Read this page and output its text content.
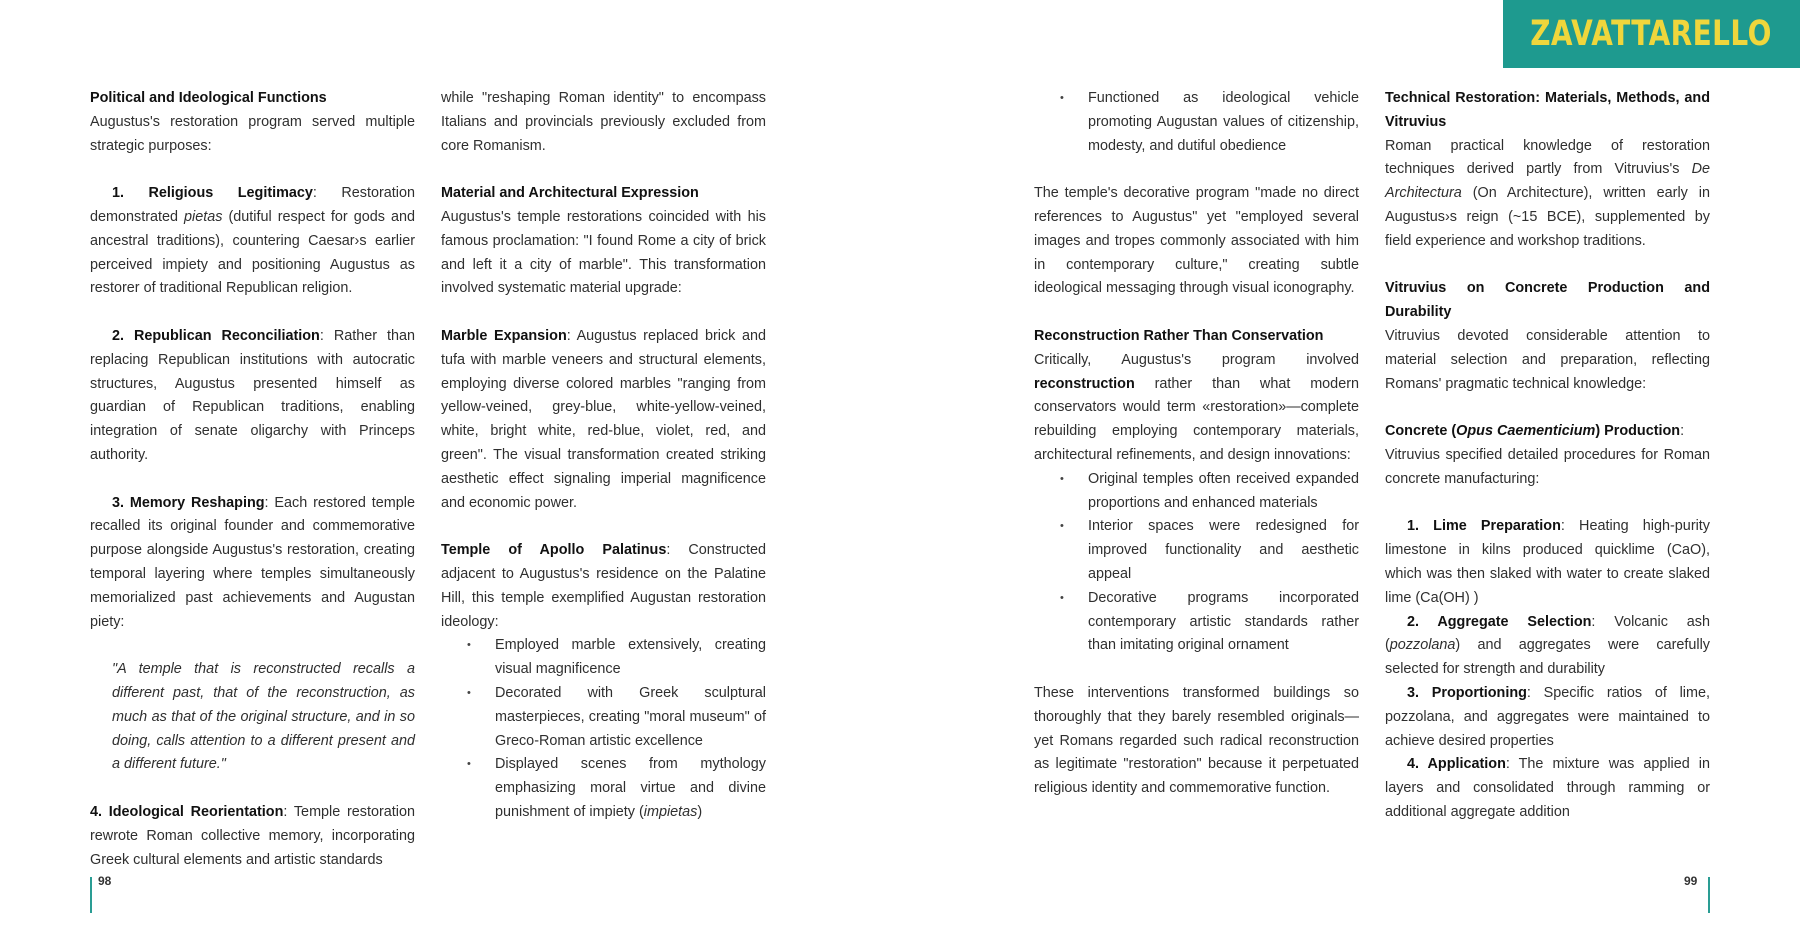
ZAVATTARELLO

Political and Ideological Functions

Augustus's restoration program served multiple strategic purposes:

1. Religious Legitimacy: Restoration demonstrated pietas (dutiful respect for gods and ancestral traditions), countering Caesar›s earlier perceived impiety and positioning Augustus as restorer of traditional Republican religion.

2. Republican Reconciliation: Rather than replacing Republican institutions with autocratic structures, Augustus presented himself as guardian of Republican traditions, enabling integration of senate oligarchy with Princeps authority.

3. Memory Reshaping: Each restored temple recalled its original founder and commemorative purpose alongside Augustus's restoration, creating temporal layering where temples simultaneously memorialized past achievements and Augustan piety:

"A temple that is reconstructed recalls a different past, that of the reconstruction, as much as that of the original structure, and in so doing, calls attention to a different present and a different future."

4. Ideological Reorientation: Temple restoration rewrote Roman collective memory, incorporating Greek cultural elements and artistic standards

while "reshaping Roman identity" to encompass Italians and provincials previously excluded from core Romanism.

Material and Architectural Expression

Augustus's temple restorations coincided with his famous proclamation: "I found Rome a city of brick and left it a city of marble". This transformation involved systematic material upgrade:

Marble Expansion: Augustus replaced brick and tufa with marble veneers and structural elements, employing diverse colored marbles "ranging from yellow-veined, grey-blue, white-yellow-veined, white, bright white, red-blue, violet, red, and green". The visual transformation created striking aesthetic effect signaling imperial magnificence and economic power.

Temple of Apollo Palatinus: Constructed adjacent to Augustus's residence on the Palatine Hill, this temple exemplified Augustan restoration ideology:

• Employed marble extensively, creating visual magnificence
• Decorated with Greek sculptural masterpieces, creating "moral museum" of Greco-Roman artistic excellence
• Displayed scenes from mythology emphasizing moral virtue and divine punishment of impiety (impietas)
• Functioned as ideological vehicle promoting Augustan values of citizenship, modesty, and dutiful obedience

The temple's decorative program "made no direct references to Augustus" yet "employed several images and tropes commonly associated with him in contemporary culture," creating subtle ideological messaging through visual iconography.

Reconstruction Rather Than Conservation

Critically, Augustus's program involved reconstruction rather than what modern conservators would term «restoration»—complete rebuilding employing contemporary materials, architectural refinements, and design innovations:

• Original temples often received expanded proportions and enhanced materials
• Interior spaces were redesigned for improved functionality and aesthetic appeal
• Decorative programs incorporated contemporary artistic standards rather than imitating original ornament

These interventions transformed buildings so thoroughly that they barely resembled originals—yet Romans regarded such radical reconstruction as legitimate "restoration" because it perpetuated religious identity and commemorative function.

Technical Restoration: Materials, Methods, and Vitruvius

Roman practical knowledge of restoration techniques derived partly from Vitruvius's De Architectura (On Architecture), written early in Augustus›s reign (~15 BCE), supplemented by field experience and workshop traditions.

Vitruvius on Concrete Production and Durability

Vitruvius devoted considerable attention to material selection and preparation, reflecting Romans' pragmatic technical knowledge:

Concrete (Opus Caementicium) Production:

Vitruvius specified detailed procedures for Roman concrete manufacturing:

1. Lime Preparation: Heating high-purity limestone in kilns produced quicklime (CaO), which was then slaked with water to create slaked lime (Ca(OH) )

2. Aggregate Selection: Volcanic ash (pozzolana) and aggregates were carefully selected for strength and durability

3. Proportioning: Specific ratios of lime, pozzolana, and aggregates were maintained to achieve desired properties

4. Application: The mixture was applied in layers and consolidated through ramming or additional aggregate addition

98	99
